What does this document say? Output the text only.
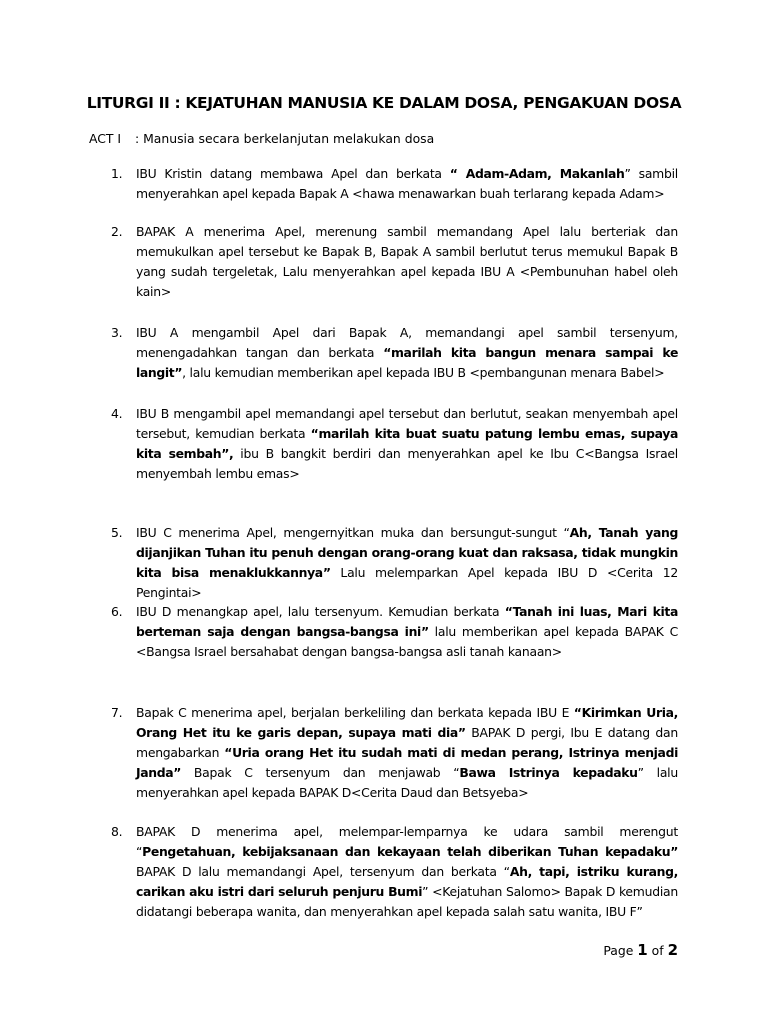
LITURGI II : KEJATUHAN MANUSIA KE DALAM DOSA, PENGAKUAN DOSA
ACT I : Manusia secara berkelanjutan melakukan dosa
1. IBU Kristin datang membawa Apel dan berkata “ Adam-Adam, Makanlah” sambil menyerahkan apel kepada Bapak A <hawa menawarkan buah terlarang kepada Adam>
2. BAPAK A menerima Apel, merenung sambil memandang Apel lalu berteriak dan memukulkan apel tersebut ke Bapak B, Bapak A sambil berlutut terus memukul Bapak B yang sudah tergeletak, Lalu menyerahkan apel kepada IBU A <Pembunuhan habel oleh kain>
3. IBU A mengambil Apel dari Bapak A, memandangi apel sambil tersenyum, menengadahkan tangan dan berkata “marilah kita bangun menara sampai ke langit”, lalu kemudian memberikan apel kepada IBU B <pembangunan menara Babel>
4. IBU B mengambil apel memandangi apel tersebut dan berlutut, seakan menyembah apel tersebut, kemudian berkata “marilah kita buat suatu patung lembu emas, supaya kita sembah”, ibu B bangkit berdiri dan menyerahkan apel ke Ibu C<Bangsa Israel menyembah lembu emas>
5. IBU C menerima Apel, mengernyitkan muka dan bersungut-sungut “Ah, Tanah yang dijanjikan Tuhan itu penuh dengan orang-orang kuat dan raksasa, tidak mungkin kita bisa menaklukkannya” Lalu melemparkan Apel kepada IBU D <Cerita 12 Pengintai>
6. IBU D menangkap apel, lalu tersenyum. Kemudian berkata “Tanah ini luas, Mari kita berteman saja dengan bangsa-bangsa ini” lalu memberikan apel kepada BAPAK C <Bangsa Israel bersahabat dengan bangsa-bangsa asli tanah kanaan>
7. Bapak C menerima apel, berjalan berkeliling dan berkata kepada IBU E “Kirimkan Uria, Orang Het itu ke garis depan, supaya mati dia” BAPAK D pergi, Ibu E datang dan mengabarkan “Uria orang Het itu sudah mati di medan perang, Istrinya menjadi Janda” Bapak C tersenyum dan menjawab “Bawa Istrinya kepadaku” lalu menyerahkan apel kepada BAPAK D<Cerita Daud dan Betsyeba>
8. BAPAK D menerima apel, melempar-lemparnya ke udara sambil merengut “Pengetahuan, kebijaksanaan dan kekayaan telah diberikan Tuhan kepadaku” BAPAK D lalu memandangi Apel, tersenyum dan berkata “Ah, tapi, istriku kurang, carikan aku istri dari seluruh penjuru Bumi” <Kejatuhan Salomo> Bapak D kemudian didatangi beberapa wanita, dan menyerahkan apel kepada salah satu wanita, IBU F”
Page 1 of 2
